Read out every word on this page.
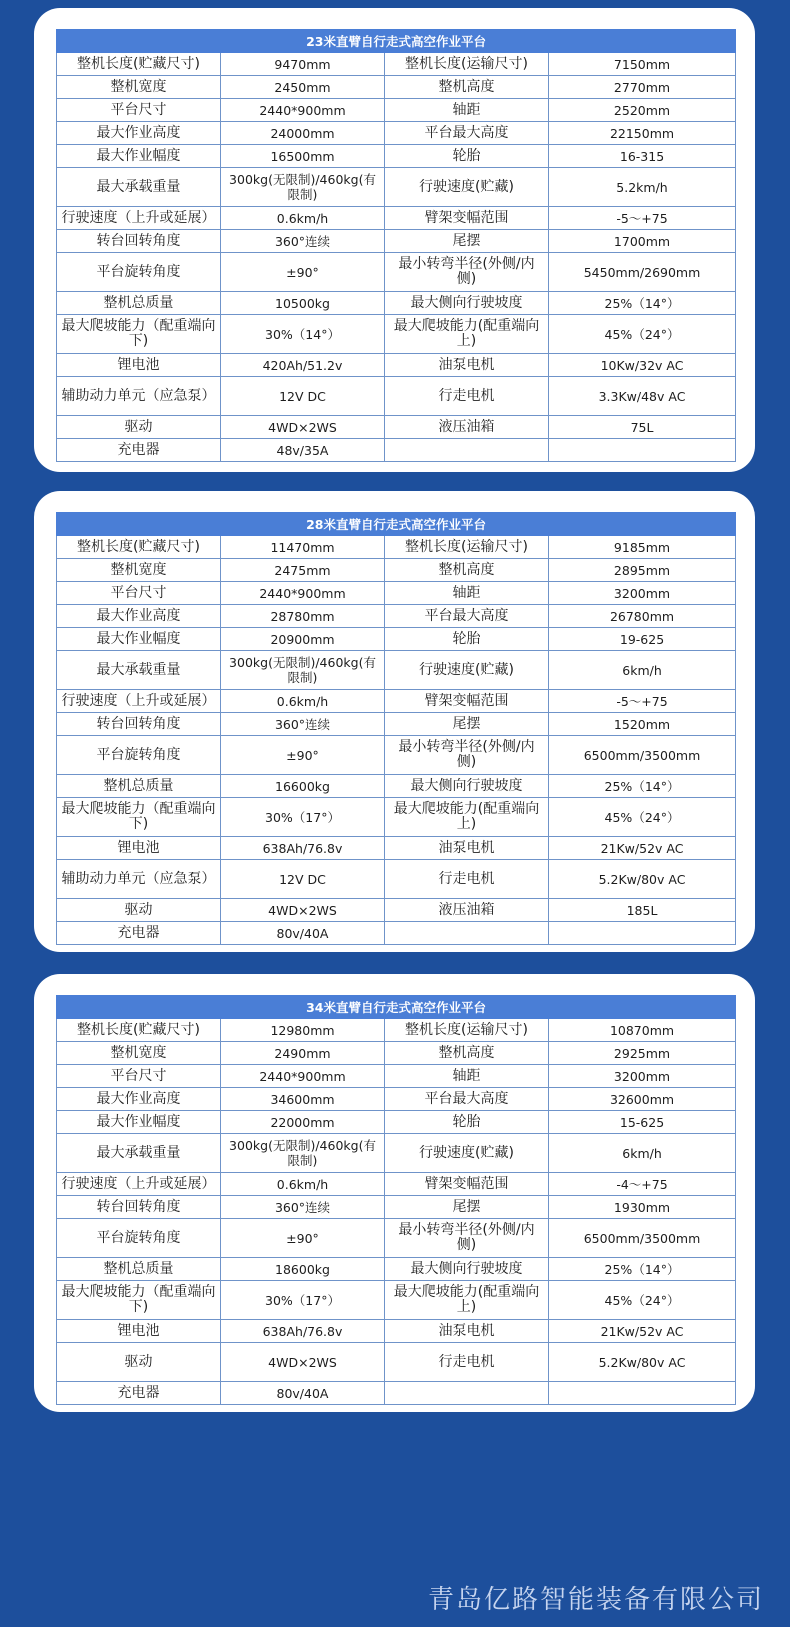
23米直臂自行走式高空作业平台			
整机长度(贮藏尺寸)	9470mm	整机长度(运输尺寸)	7150mm
整机宽度	2450mm	整机高度	2770mm
平台尺寸	2440*900mm	轴距	2520mm
最大作业高度	24000mm	平台最大高度	22150mm
最大作业幅度	16500mm	轮胎	16-315
最大承载重量	300kg(无限制)/460kg(有限制)	行驶速度(贮藏)	5.2km/h
行驶速度（上升或延展）	0.6km/h	臂架变幅范围	-5～+75
转台回转角度	360°连续	尾摆	1700mm
平台旋转角度	±90°	最小转弯半径(外侧/内侧)	5450mm/2690mm
整机总质量	10500kg	最大侧向行驶坡度	25%（14°）
最大爬坡能力（配重端向下)	30%（14°）	最大爬坡能力(配重端向上)	45%（24°）
锂电池	420Ah/51.2v	油泵电机	10Kw/32v AC
辅助动力单元（应急泵）	12V DC	行走电机	3.3Kw/48v AC
驱动	4WD×2WS	液压油箱	75L
充电器	48v/35A		
28米直臂自行走式高空作业平台			
整机长度(贮藏尺寸)	11470mm	整机长度(运输尺寸)	9185mm
整机宽度	2475mm	整机高度	2895mm
平台尺寸	2440*900mm	轴距	3200mm
最大作业高度	28780mm	平台最大高度	26780mm
最大作业幅度	20900mm	轮胎	19-625
最大承载重量	300kg(无限制)/460kg(有限制)	行驶速度(贮藏)	6km/h
行驶速度（上升或延展）	0.6km/h	臂架变幅范围	-5～+75
转台回转角度	360°连续	尾摆	1520mm
平台旋转角度	±90°	最小转弯半径(外侧/内侧)	6500mm/3500mm
整机总质量	16600kg	最大侧向行驶坡度	25%（14°）
最大爬坡能力（配重端向下)	30%（17°）	最大爬坡能力(配重端向上)	45%（24°）
锂电池	638Ah/76.8v	油泵电机	21Kw/52v AC
辅助动力单元（应急泵）	12V DC	行走电机	5.2Kw/80v AC
驱动	4WD×2WS	液压油箱	185L
充电器	80v/40A		
34米直臂自行走式高空作业平台			
整机长度(贮藏尺寸)	12980mm	整机长度(运输尺寸)	10870mm
整机宽度	2490mm	整机高度	2925mm
平台尺寸	2440*900mm	轴距	3200mm
最大作业高度	34600mm	平台最大高度	32600mm
最大作业幅度	22000mm	轮胎	15-625
最大承载重量	300kg(无限制)/460kg(有限制)	行驶速度(贮藏)	6km/h
行驶速度（上升或延展）	0.6km/h	臂架变幅范围	-4～+75
转台回转角度	360°连续	尾摆	1930mm
平台旋转角度	±90°	最小转弯半径(外侧/内侧)	6500mm/3500mm
整机总质量	18600kg	最大侧向行驶坡度	25%（14°）
最大爬坡能力（配重端向下)	30%（17°）	最大爬坡能力(配重端向上)	45%（24°）
锂电池	638Ah/76.8v	油泵电机	21Kw/52v AC
驱动	4WD×2WS	行走电机	5.2Kw/80v AC
充电器	80v/40A		

青岛亿路智能装备有限公司
